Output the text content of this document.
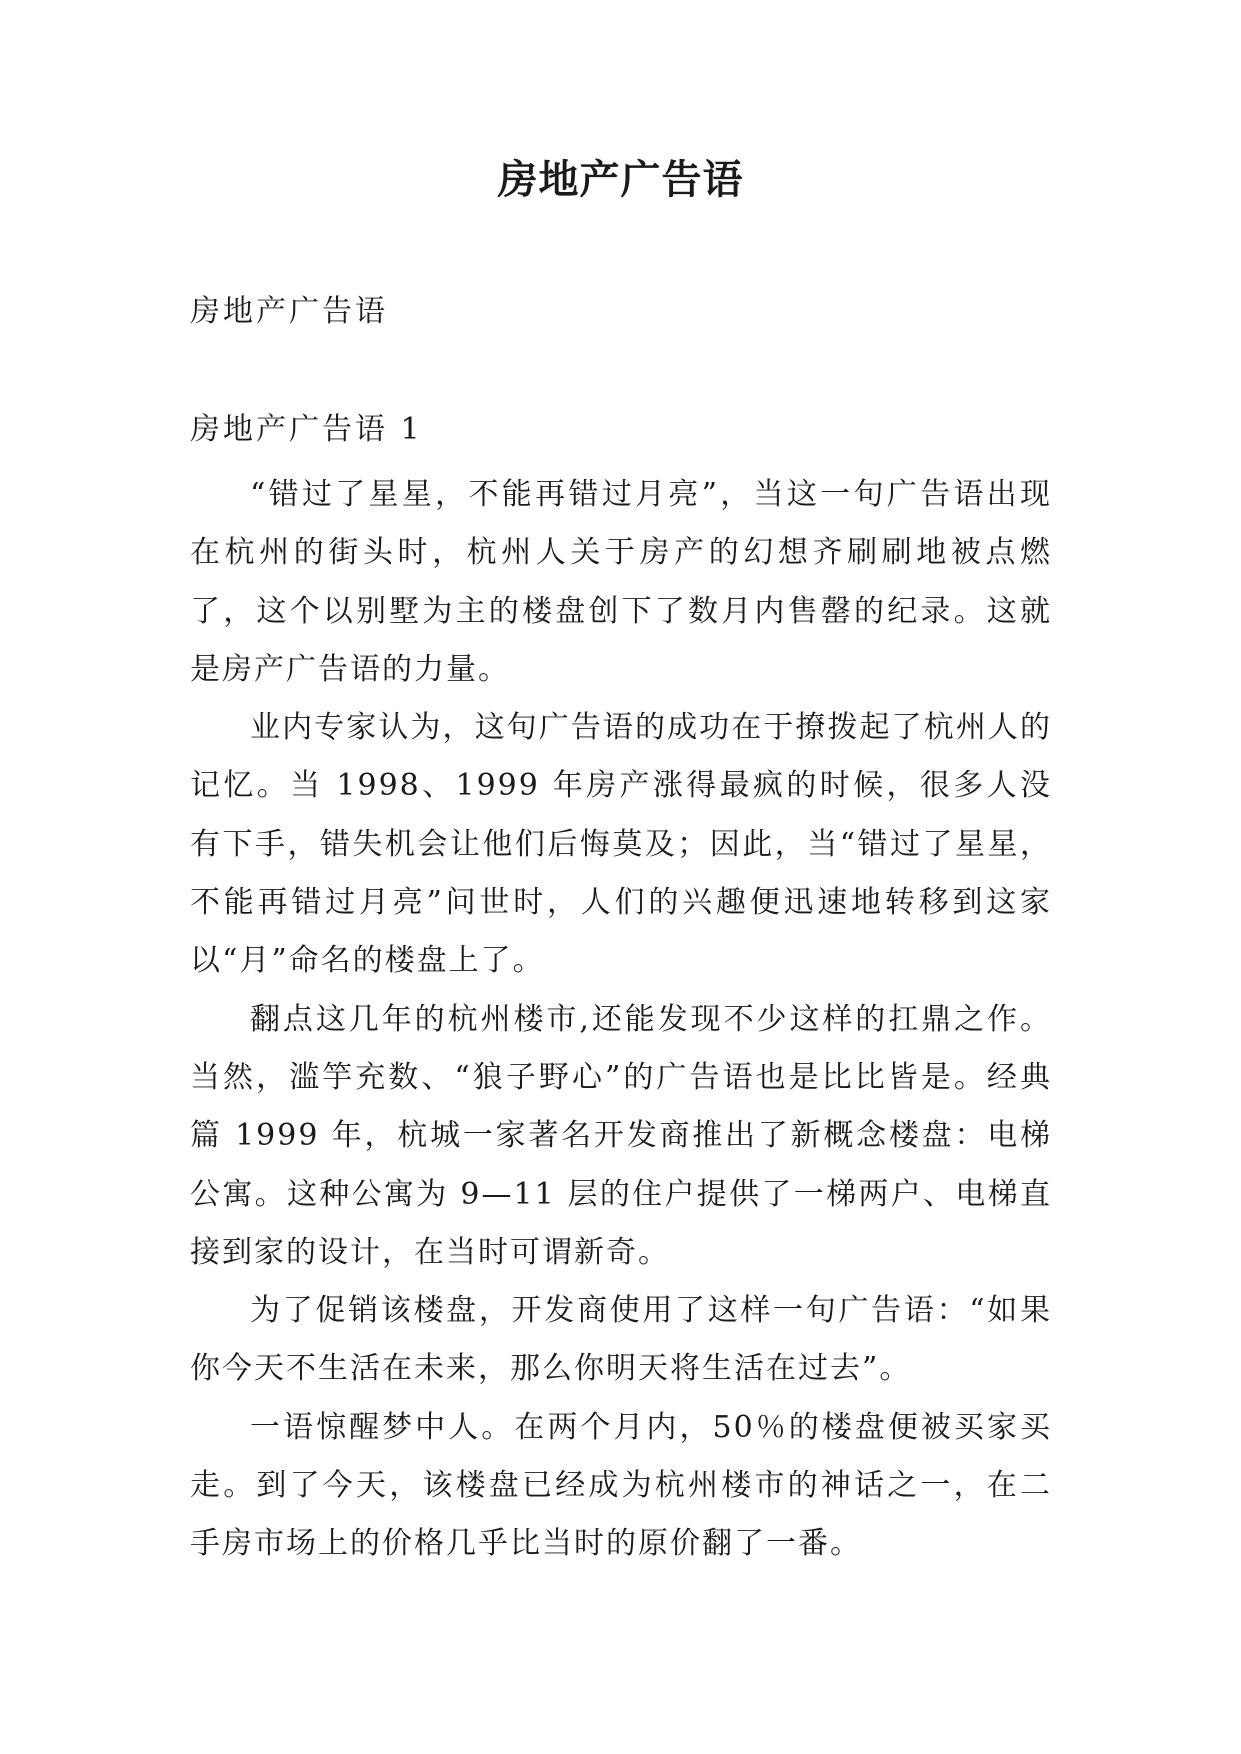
房地产广告语
房地产广告语
房地产广告语 1

“错过了星星，不能再错过月亮”，当这一句广告语出现在杭州的街头时，杭州人关于房产的幻想齐刷刷地被点燃了，这个以别墅为主的楼盘创下了数月内售罄的纪录。这就是房产广告语的力量。

业内专家认为，这句广告语的成功在于撩拨起了杭州人的记忆。当 1998、1999 年房产涨得最疯的时候，很多人没有下手，错失机会让他们后悔莫及；因此，当“错过了星星，不能再错过月亮”问世时，人们的兴趣便迅速地转移到这家以“月”命名的楼盘上了。

翻点这几年的杭州楼市,还能发现不少这样的扛鼎之作。当然，滥竽充数、“狼子野心”的广告语也是比比皆是。经典篇 1999 年，杭城一家著名开发商推出了新概念楼盘：电梯公寓。这种公寓为 9—11 层的住户提供了一梯两户、电梯直接到家的设计，在当时可谓新奇。

为了促销该楼盘，开发商使用了这样一句广告语：“如果你今天不生活在未来，那么你明天将生活在过去”。

一语惊醒梦中人。在两个月内，50％的楼盘便被买家买走。到了今天，该楼盘已经成为杭州楼市的神话之一，在二手房市场上的价格几乎比当时的原价翻了一番。
